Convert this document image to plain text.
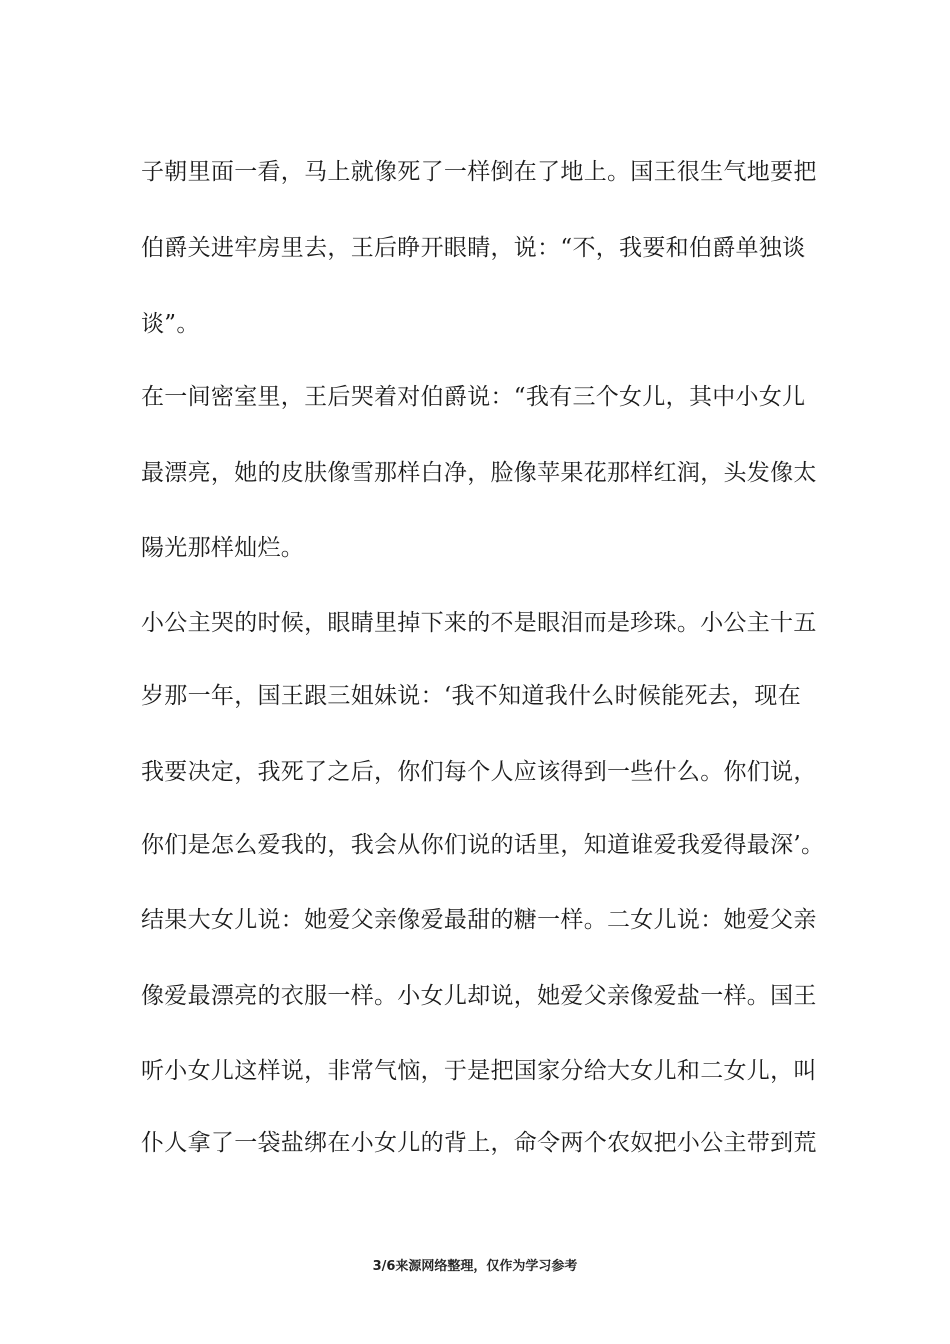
子朝里面一看，马上就像死了一样倒在了地上。国王很生气地要把
伯爵关进牢房里去，王后睁开眼睛，说：“不，我要和伯爵单独谈
谈”。
在一间密室里，王后哭着对伯爵说：“我有三个女儿，其中小女儿
最漂亮，她的皮肤像雪那样白净，脸像苹果花那样红润，头发像太
陽光那样灿烂。
小公主哭的时候，眼睛里掉下来的不是眼泪而是珍珠。小公主十五
岁那一年，国王跟三姐妹说：‘我不知道我什么时候能死去，现在
我要决定，我死了之后，你们每个人应该得到一些什么。你们说，
你们是怎么爱我的，我会从你们说的话里，知道谁爱我爱得最深’。
结果大女儿说：她爱父亲像爱最甜的糖一样。二女儿说：她爱父亲
像爱最漂亮的衣服一样。小女儿却说，她爱父亲像爱盐一样。国王
听小女儿这样说，非常气恼，于是把国家分给大女儿和二女儿，叫
仆人拿了一袋盐绑在小女儿的背上，命令两个农奴把小公主带到荒
3/6来源网络整理，仅作为学习参考
